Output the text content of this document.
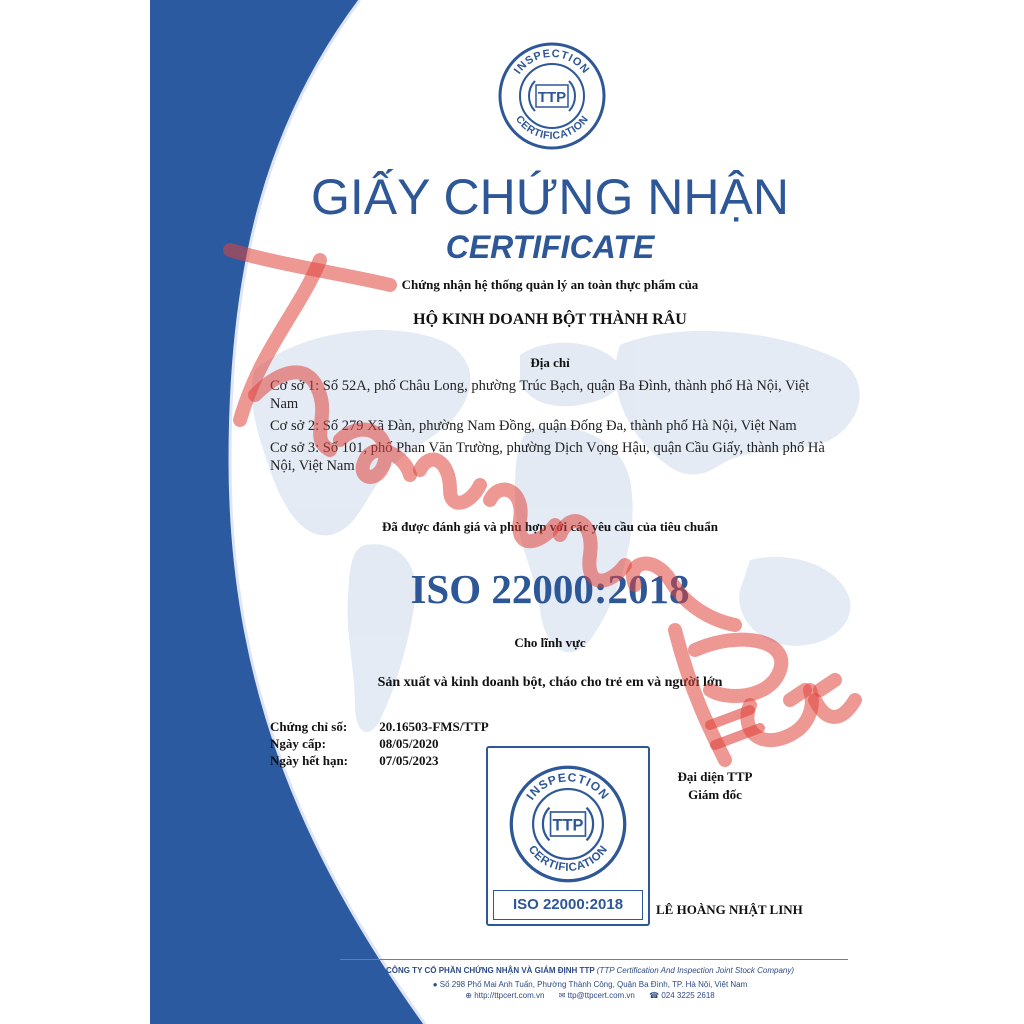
INSPECTION
CERTIFICATION
TTP
GIẤY CHỨNG NHẬN
CERTIFICATE
Chứng nhận hệ thống quản lý an toàn thực phẩm của
HỘ KINH DOANH BỘT THÀNH RÂU
Địa chỉ

Cơ sở 1: Số 52A, phố Châu Long, phường Trúc Bạch, quận Ba Đình, thành phố Hà Nội, Việt Nam

Cơ sở 2: Số 279 Xã Đàn, phường Nam Đồng, quận Đống Đa, thành phố Hà Nội, Việt Nam

Cơ sở 3: Số 101, phố Phan Văn Trường, phường Dịch Vọng Hậu, quận Cầu Giấy, thành phố Hà Nội, Việt Nam

Đã được đánh giá và phù hợp với các yêu cầu của tiêu chuẩn
ISO 22000:2018
Cho lĩnh vực
Sản xuất và kinh doanh bột, cháo cho trẻ em và người lớn
Chứng chỉ số: 20.16503-FMS/TTP
Ngày cấp:	08/05/2020
Ngày hết hạn: 07/05/2023
INSPECTION
CERTIFICATION
TTP
ISO 22000:2018
Đại diện TTP
Giám đốc
LÊ HOÀNG NHẬT LINH
CÔNG TY CỔ PHẦN CHỨNG NHẬN VÀ GIÁM ĐỊNH TTP (TTP Certification And Inspection Joint Stock Company)
● Số 298 Phố Mai Anh Tuấn, Phường Thành Công, Quận Ba Đình, TP. Hà Nội, Việt Nam
⊕ http://ttpcert.com.vn ✉ ttp@ttpcert.com.vn ☎ 024 3225 2618
